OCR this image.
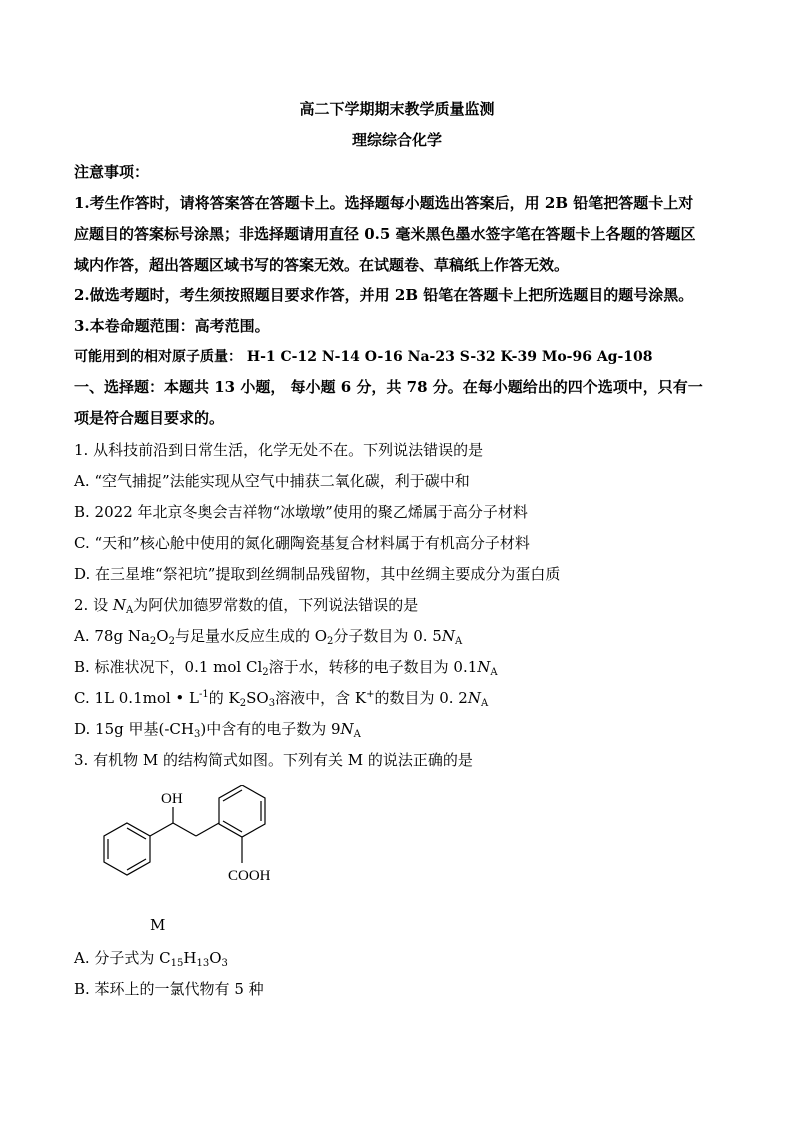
高二下学期期末教学质量监测
理综综合化学
注意事项：
1.考生作答时，请将答案答在答题卡上。选择题每小题选出答案后，用 2B 铅笔把答题卡上对
应题目的答案标号涂黑；非选择题请用直径 0.5 毫米黑色墨水签字笔在答题卡上各题的答题区
域内作答，超出答题区域书写的答案无效。在试题卷、草稿纸上作答无效。
2.做选考题时，考生须按照题目要求作答，并用 2B 铅笔在答题卡上把所选题目的题号涂黑。
3.本卷命题范围：高考范围。
可能用到的相对原子质量： H-1 C-12 N-14 O-16 Na-23 S-32 K-39 Mo-96 Ag-108
一、选择题：本题共 13 小题， 每小题 6 分，共 78 分。在每小题给出的四个选项中，只有一
项是符合题目要求的。
1. 从科技前沿到日常生活，化学无处不在。下列说法错误的是
A. “空气捕捉”法能实现从空气中捕获二氧化碳，利于碳中和
B. 2022 年北京冬奥会吉祥物“冰墩墩”使用的聚乙烯属于高分子材料
C. “天和”核心舱中使用的氮化硼陶瓷基复合材料属于有机高分子材料
D. 在三星堆“祭祀坑”提取到丝绸制品残留物，其中丝绸主要成分为蛋白质
2. 设 $N_A$为阿伏加德罗常数的值，下列说法错误的是
A. 78g $Na_2O_2$与足量水反应生成的 $O_2$分子数目为 0. $5N_A$
B. 标准状况下，0.1 mol $Cl_2$溶于水，转移的电子数目为 $0.1N_A$
C. 1L 0.1mol • $L^{-1}$的 $K_2SO_3$溶液中，含 K+的数目为 0. $2N_A$
D. 15g 甲基$(-CH_3)$中含有的电子数为 $9N_A$
3. 有机物 M 的结构简式如图。下列有关 M 的说法正确的是
OH
COOH
M
A. 分子式为 $C_{15}H_{13}O_3$
B. 苯环上的一氯代物有 5 种
